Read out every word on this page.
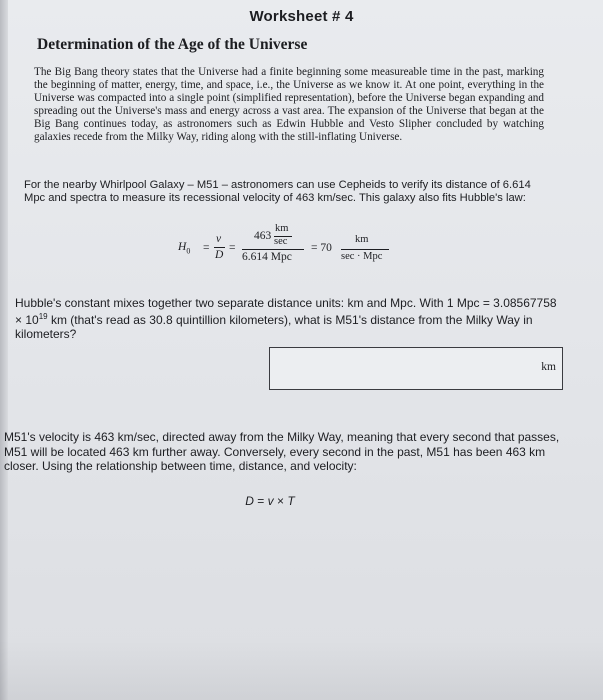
Worksheet # 4
Determination of the Age of the Universe
The Big Bang theory states that the Universe had a finite beginning some measureable time in the past, marking the beginning of matter, energy, time, and space, i.e., the Universe as we know it. At one point, everything in the Universe was compacted into a single point (simplified representation), before the Universe began expanding and spreading out the Universe's mass and energy across a vast area. The expansion of the Universe that began at the Big Bang continues today, as astronomers such as Edwin Hubble and Vesto Slipher concluded by watching galaxies recede from the Milky Way, riding along with the still-inflating Universe.
For the nearby Whirlpool Galaxy – M51 – astronomers can use Cepheids to verify its distance of 6.614 Mpc and spectra to measure its recessional velocity of 463 km/sec. This galaxy also fits Hubble's law:
$H_0$ =
v
D
=
463
km
sec
6.614 Mpc
= 70
km
sec · Mpc
Hubble's constant mixes together two separate distance units: km and Mpc. With 1 Mpc = $3.08567758 \times 10^{19}$ km (that's read as 30.8 quintillion kilometers), what is M51's distance from the Milky Way in kilometers?
km
M51's velocity is 463 km/sec, directed away from the Milky Way, meaning that every second that passes, M51 will be located 463 km further away. Conversely, every second in the past, M51 has been 463 km closer. Using the relationship between time, distance, and velocity:
D = v × T
